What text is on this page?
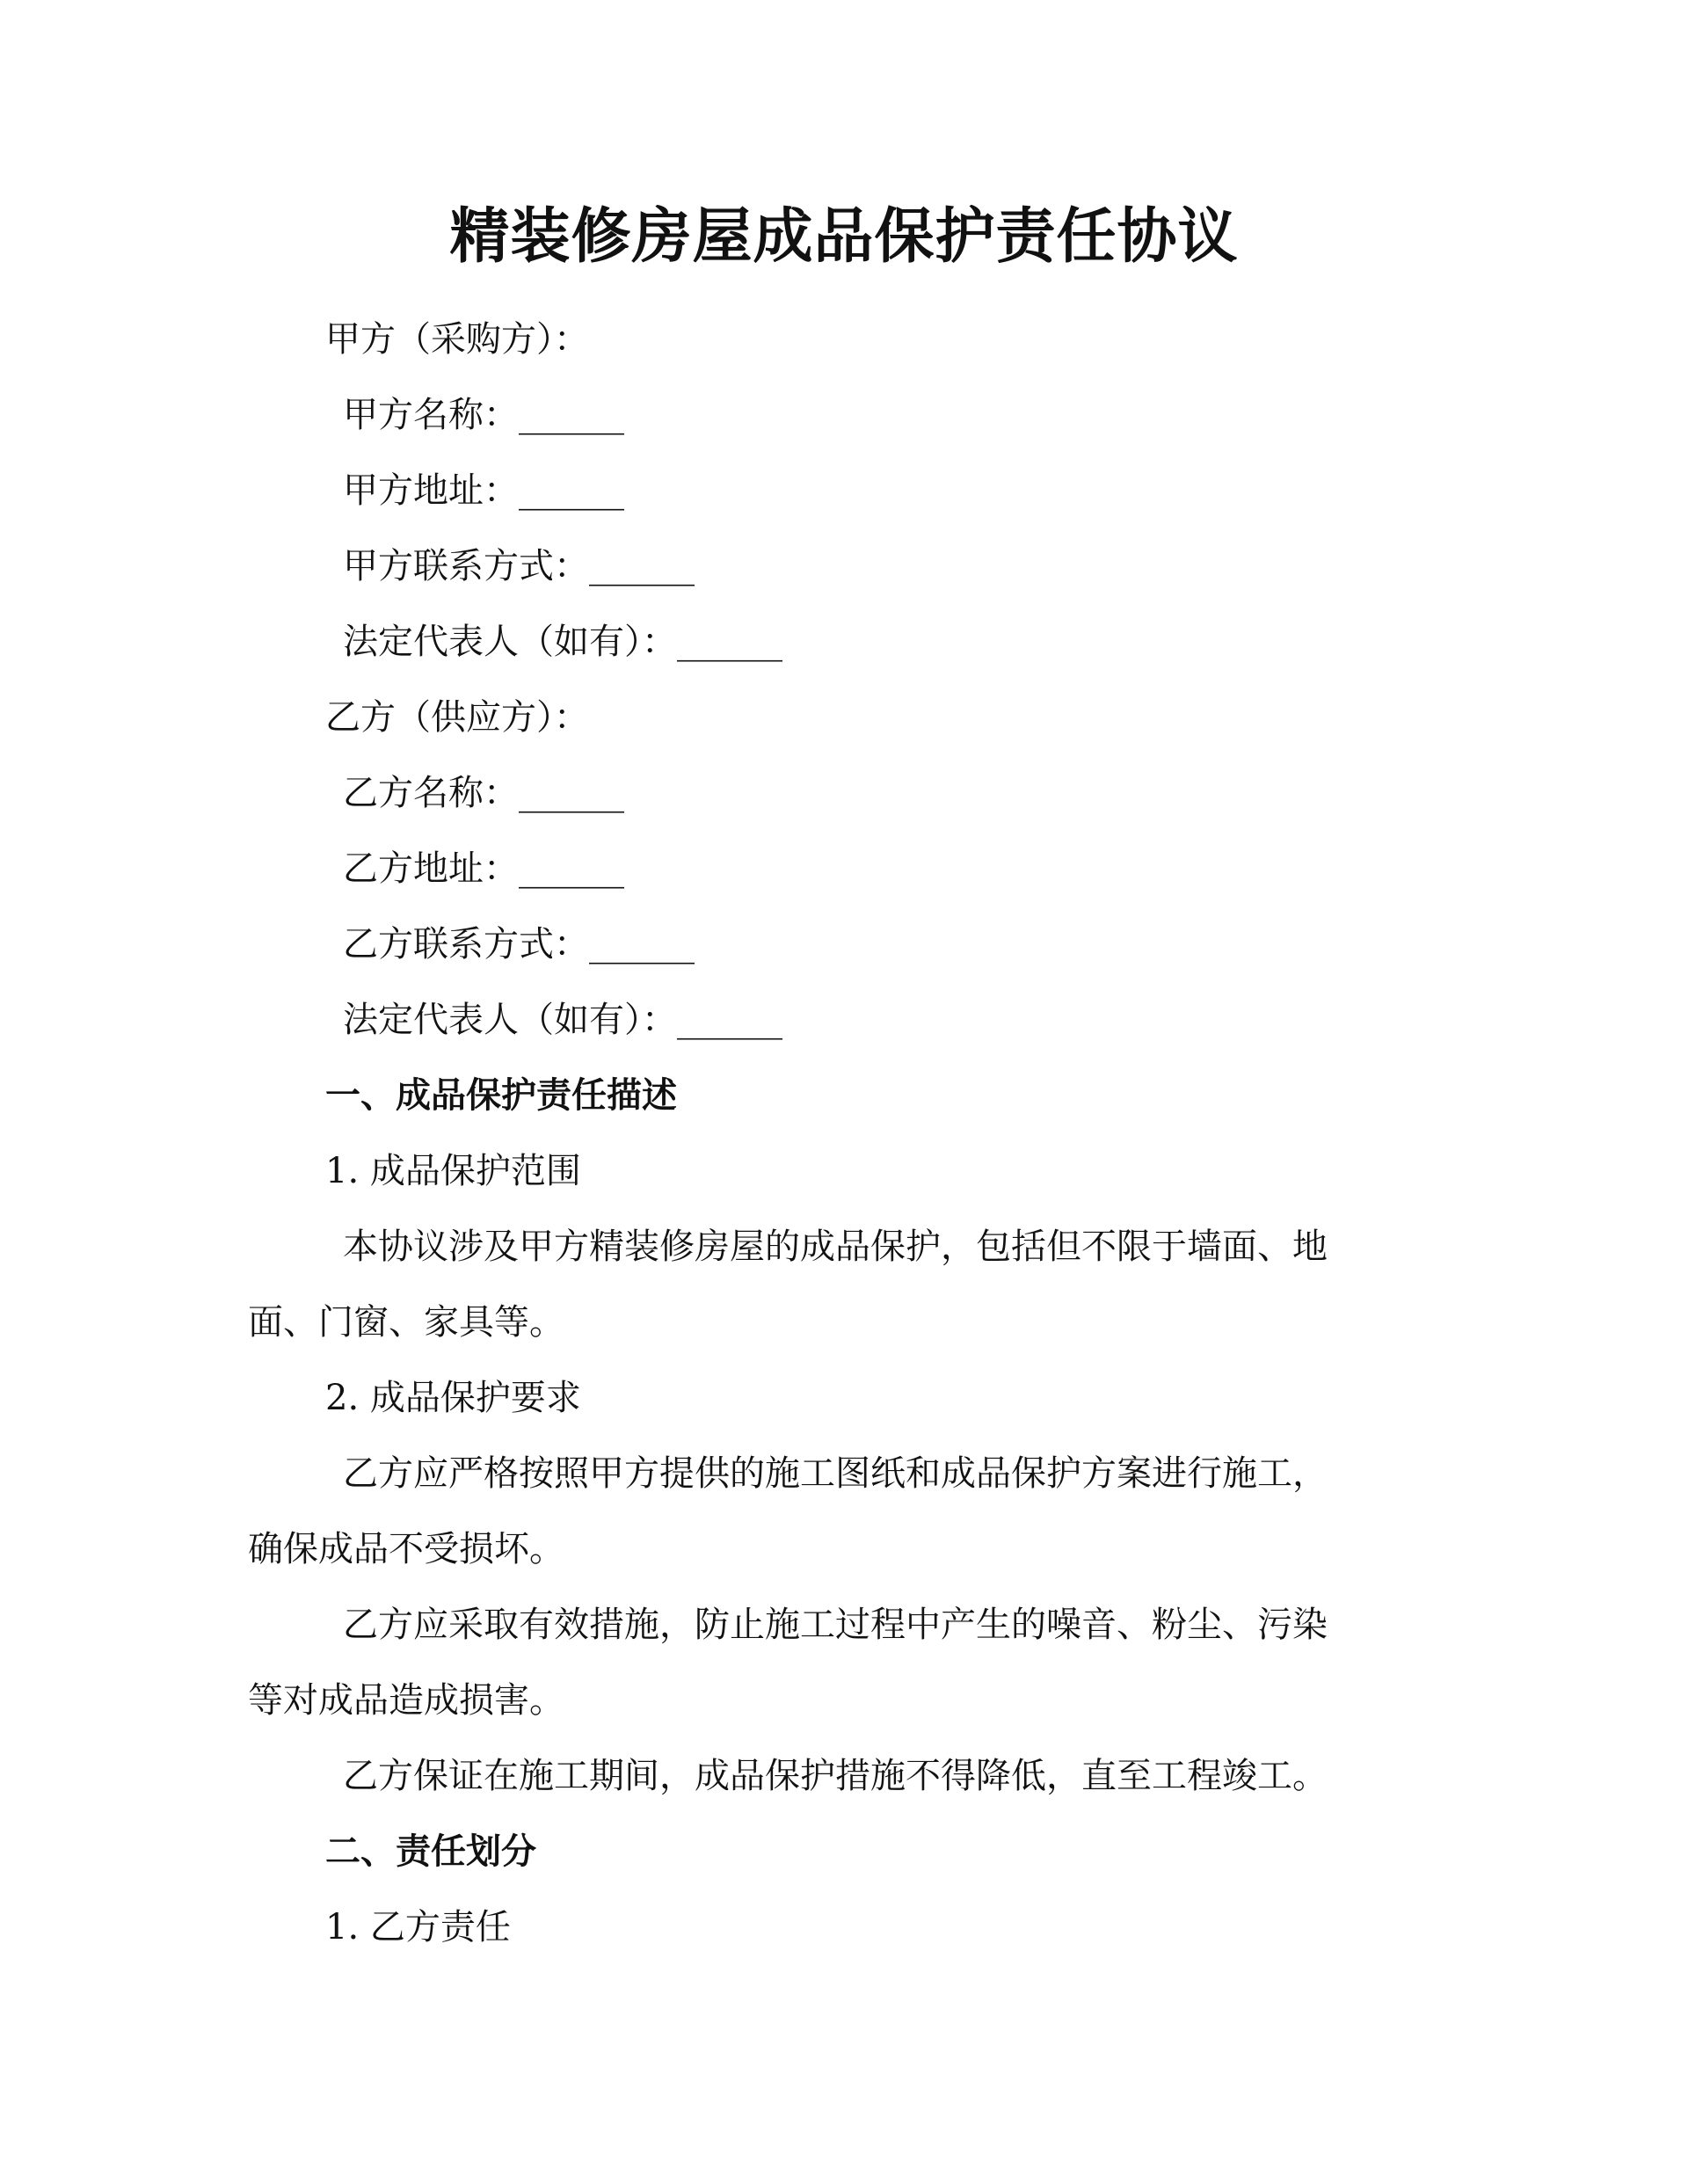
精装修房屋成品保护责任协议
甲方（采购方）：
甲方名称：______
甲方地址：______
甲方联系方式：______
法定代表人（如有）：______
乙方（供应方）：
乙方名称：______
乙方地址：______
乙方联系方式：______
法定代表人（如有）：______
一、成品保护责任描述
1. 成品保护范围
本协议涉及甲方精装修房屋的成品保护，包括但不限于墙面、地
面、门窗、家具等。
2. 成品保护要求
乙方应严格按照甲方提供的施工图纸和成品保护方案进行施工，
确保成品不受损坏。
乙方应采取有效措施，防止施工过程中产生的噪音、粉尘、污染
等对成品造成损害。
乙方保证在施工期间，成品保护措施不得降低，直至工程竣工。
二、责任划分
1. 乙方责任
